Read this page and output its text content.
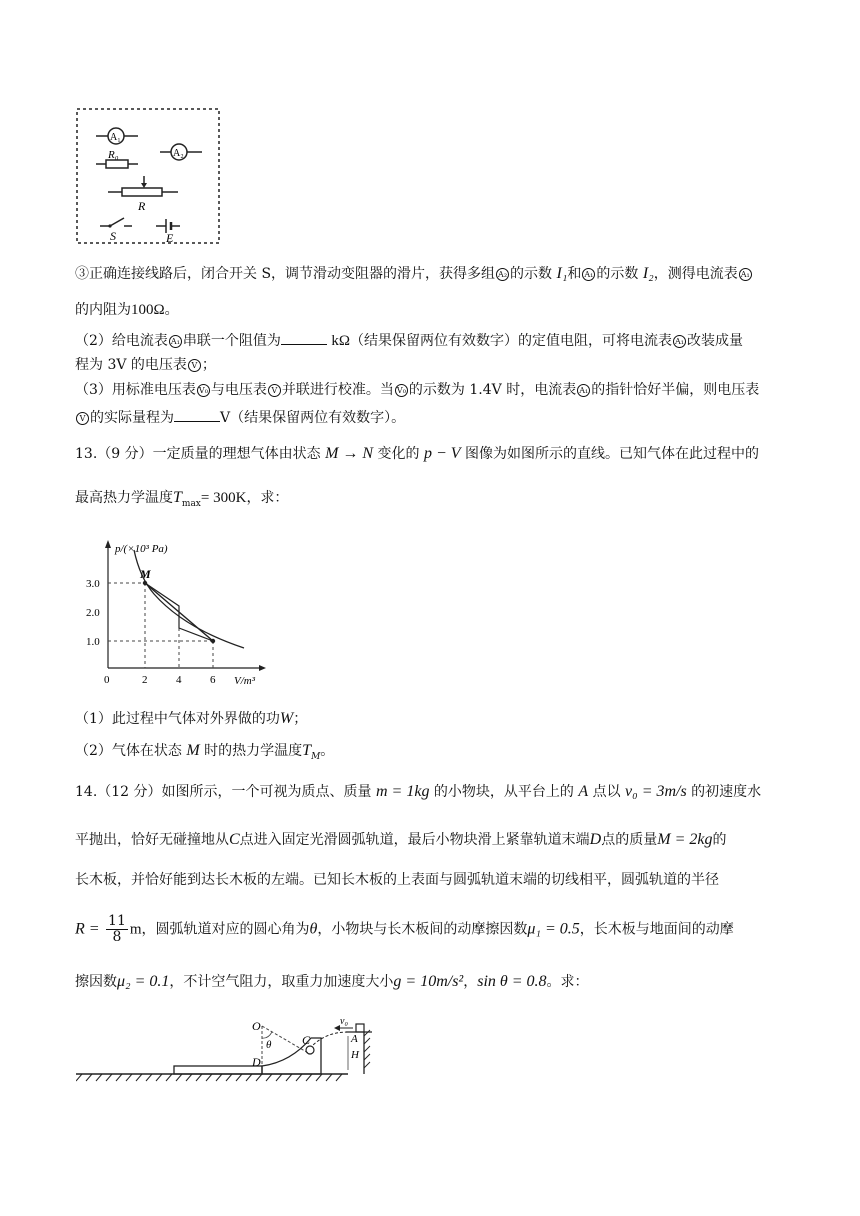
A₁
R₀	A₂
R
S	E
③正确连接线路后，闭合开关 S，调节滑动变阻器的滑片，获得多组 A₂ 的示数 I₁和 A₁ 的示数 I₂，测得电流表 A₁
的内阻为100Ω。
（2）给电流表 A₁ 串联一个阻值为	kΩ（结果保留两位有效数字）的定值电阻，可将电流表 A₁ 改装成量
程为 3V 的电压表 V ；
（3）用标准电压表 V₀ 与电压表 V 并联进行校准。当 V₀ 的示数为 1.4V 时，电流表 A₁ 的指针恰好半偏，则电压表
V 的实际量程为	V（结果保留两位有效数字）。
13.（9 分）一定质量的理想气体由状态 M → N 变化的 p − V 图像为如图所示的直线。已知气体在此过程中的
最高热力学温度$T_{max}= 300K$，求：
p/(×10³ Pa)
V/m³
3.0
2.0
1.0
0	2	4	6
M
（1）此过程中气体对外界做的功W；
（2）气体在状态 M 时的热力学温度$T_M$。
14.（12 分）如图所示，一个可视为质点、质量 m = 1kg 的小物块，从平台上的 A 点以 v₀ = 3m/s 的初速度水
平抛出，恰好无碰撞地从C点进入固定光滑圆弧轨道，最后小物块滑上紧靠轨道末端D点的质量M = 2kg的
长木板，并恰好能到达长木板的左端。已知长木板的上表面与圆弧轨道末端的切线相平，圆弧轨道的半径
$R = \frac{11}{8}$ m，圆弧轨道对应的圆心角为θ，小物块与长木板间的动摩擦因数μ₁ = 0.5，长木板与地面间的动摩
擦因数μ₂ = 0.1，不计空气阻力，取重力加速度大小g = 10m/s²，sin θ = 0.8。求：
O
θ	C
D
v₀
A
H
